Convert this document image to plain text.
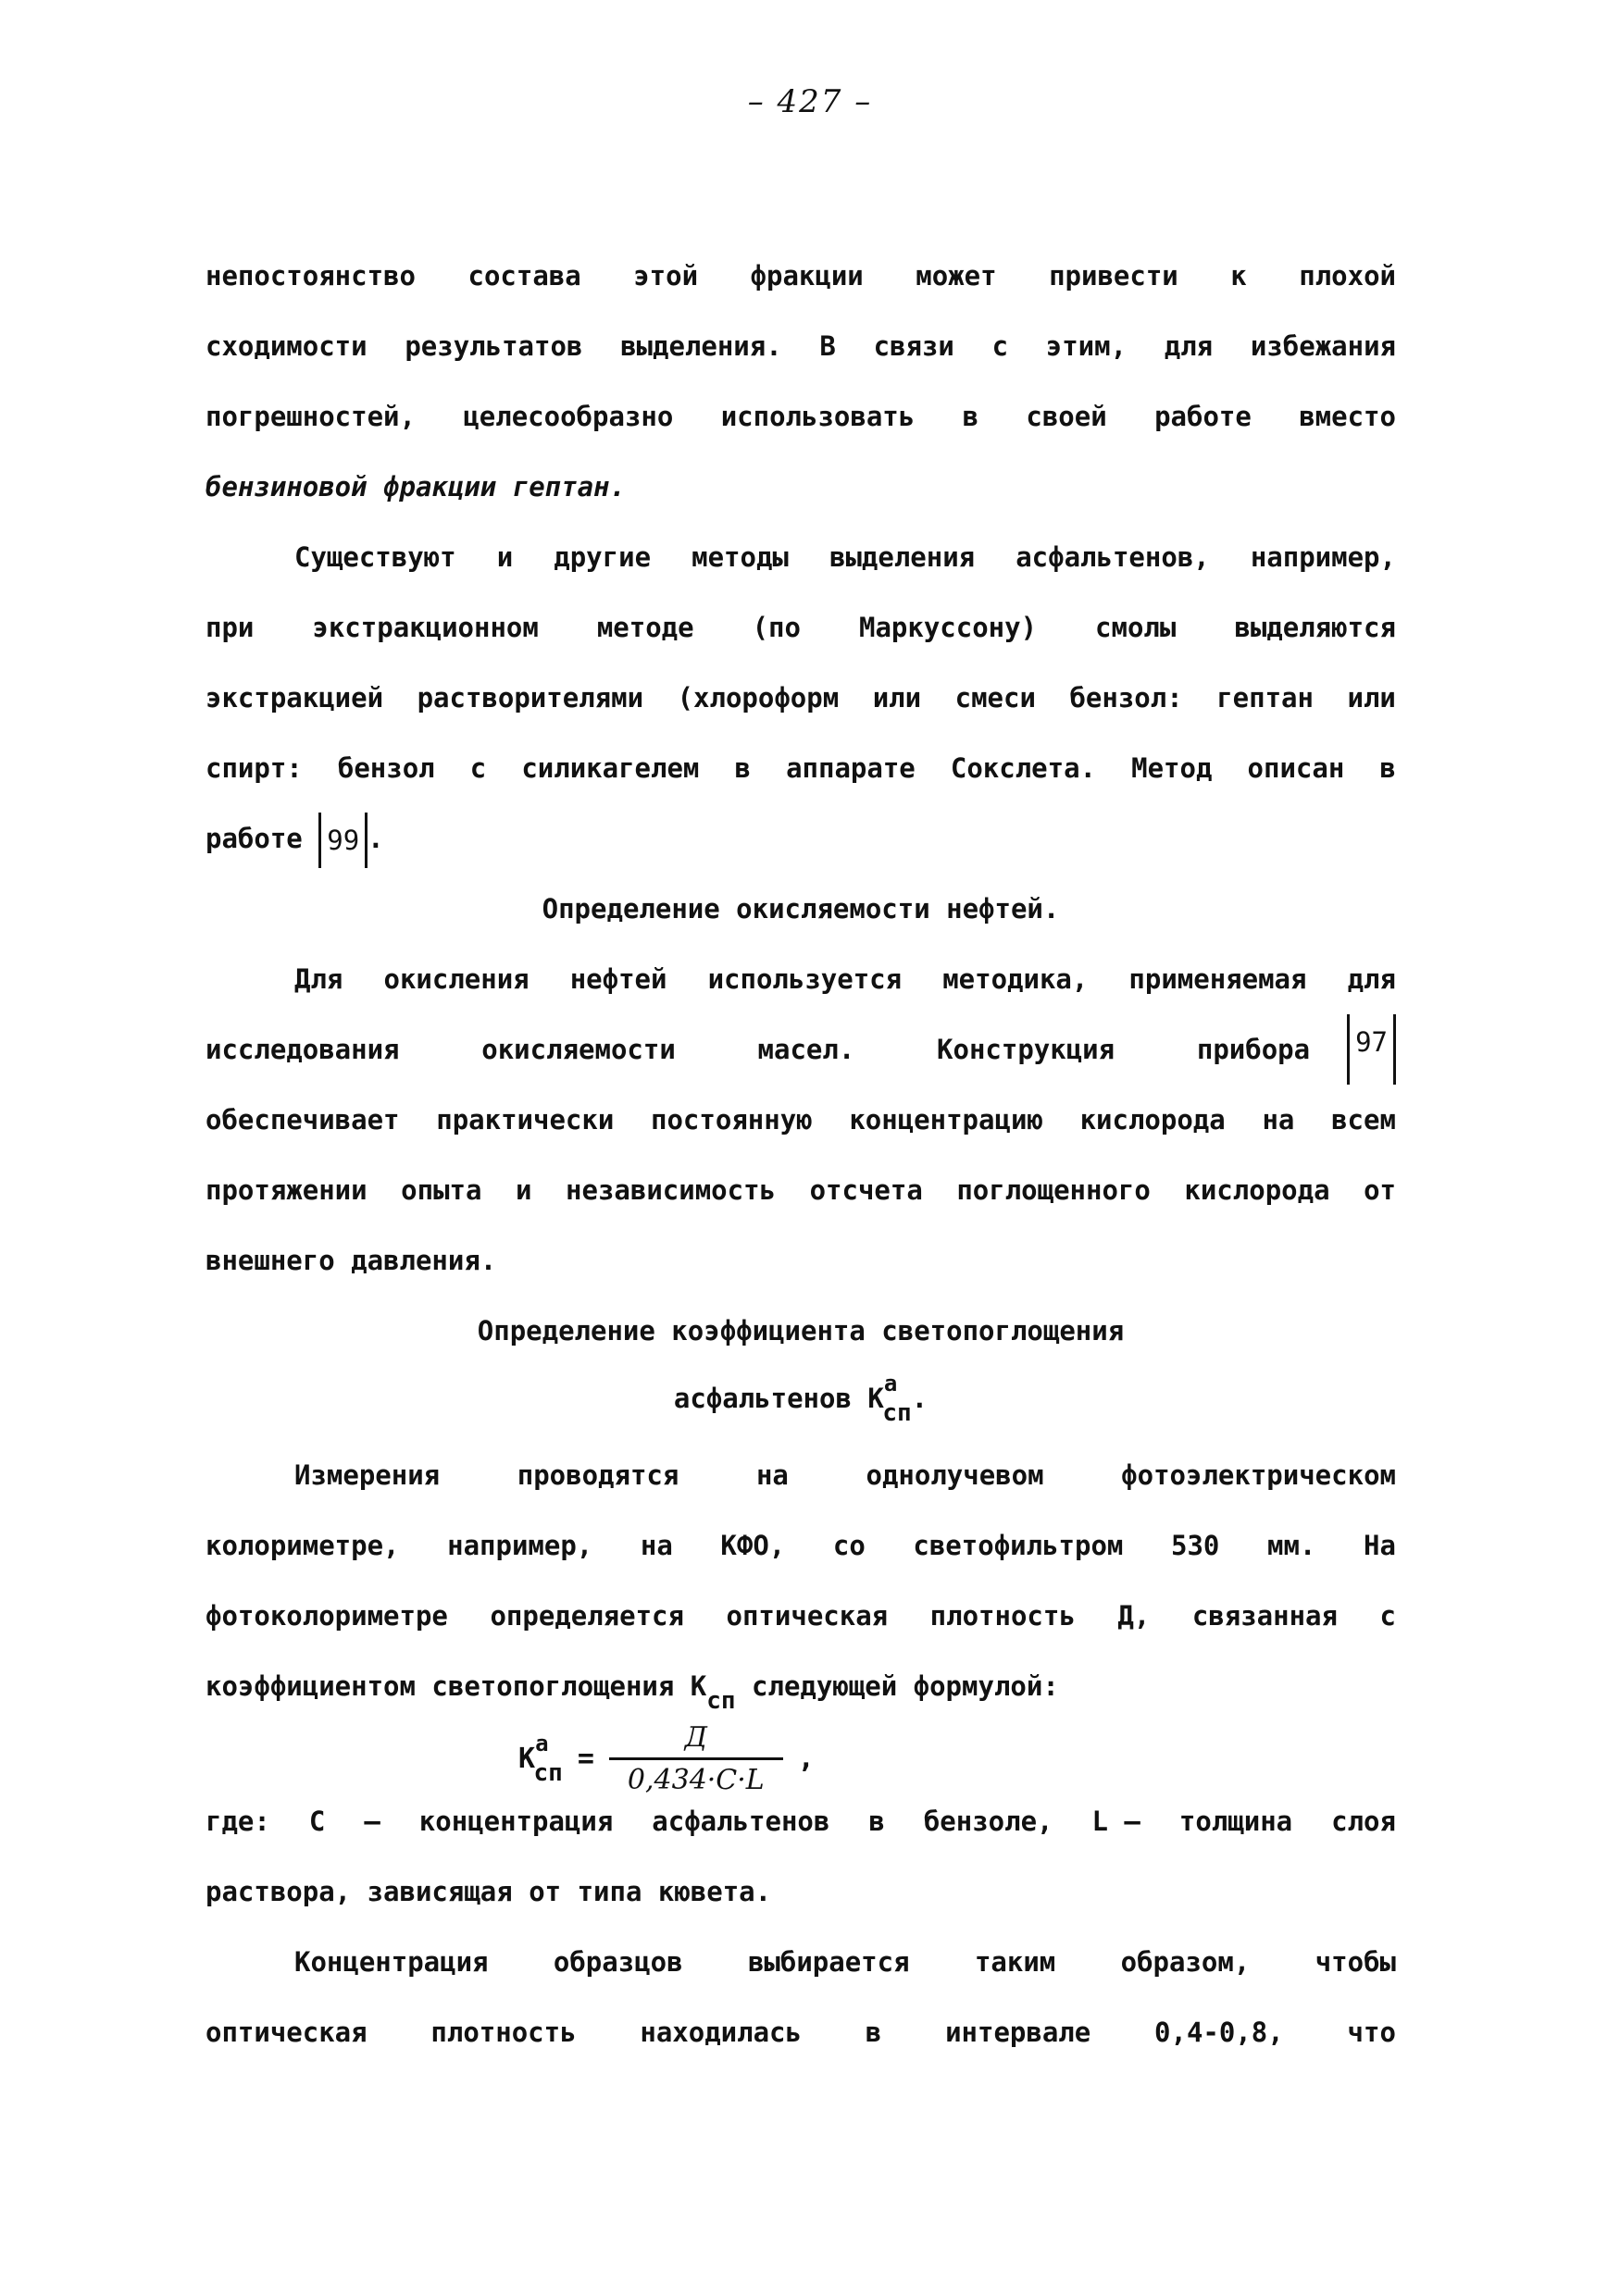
– 427 –
непостоянство состава этой фракции может привести к плохой
сходимости результатов выделения. В связи с этим, для избежания
погрешностей, целесообразно использовать в своей работе вместо
бензиновой фракции гептан.
Существуют и другие методы выделения асфальтенов, например,
при экстракционном методе (по Маркуссону) смолы выделяются
экстракцией растворителями (хлороформ или смеси бензол: гептан или
спирт: бензол с силикагелем в аппарате Сокслета. Метод описан в
работе 99 .
Определение окисляемости нефтей.
Для окисления нефтей используется методика, применяемая для
исследования	окисляемости	масел.	Конструкция	прибора	97
обеспечивает практически постоянную концентрацию кислорода на всем
протяжении опыта и независимость отсчета поглощенного кислорода от
внешнего давления.
Определение коэффициента светопоглощения
асфальтенов $К^асп$.
Измерения	проводятся	на	однолучевом	фотоэлектрическом
колориметре, например, на КФО, со светофильтром 530 мм. На
фотоколориметре определяется оптическая плотность Д, связанная с
коэффициентом светопоглощения Ксп следующей формулой:
$К^асп = \frac{Д}{0,434\cdot С\cdot L}$ ,
где: С – концентрация асфальтенов в бензоле, L – толщина слоя
раствора, зависящая от типа кювета.
Концентрация образцов выбирается таким образом, чтобы
оптическая плотность находилась в интервале 0,4-0,8, что
